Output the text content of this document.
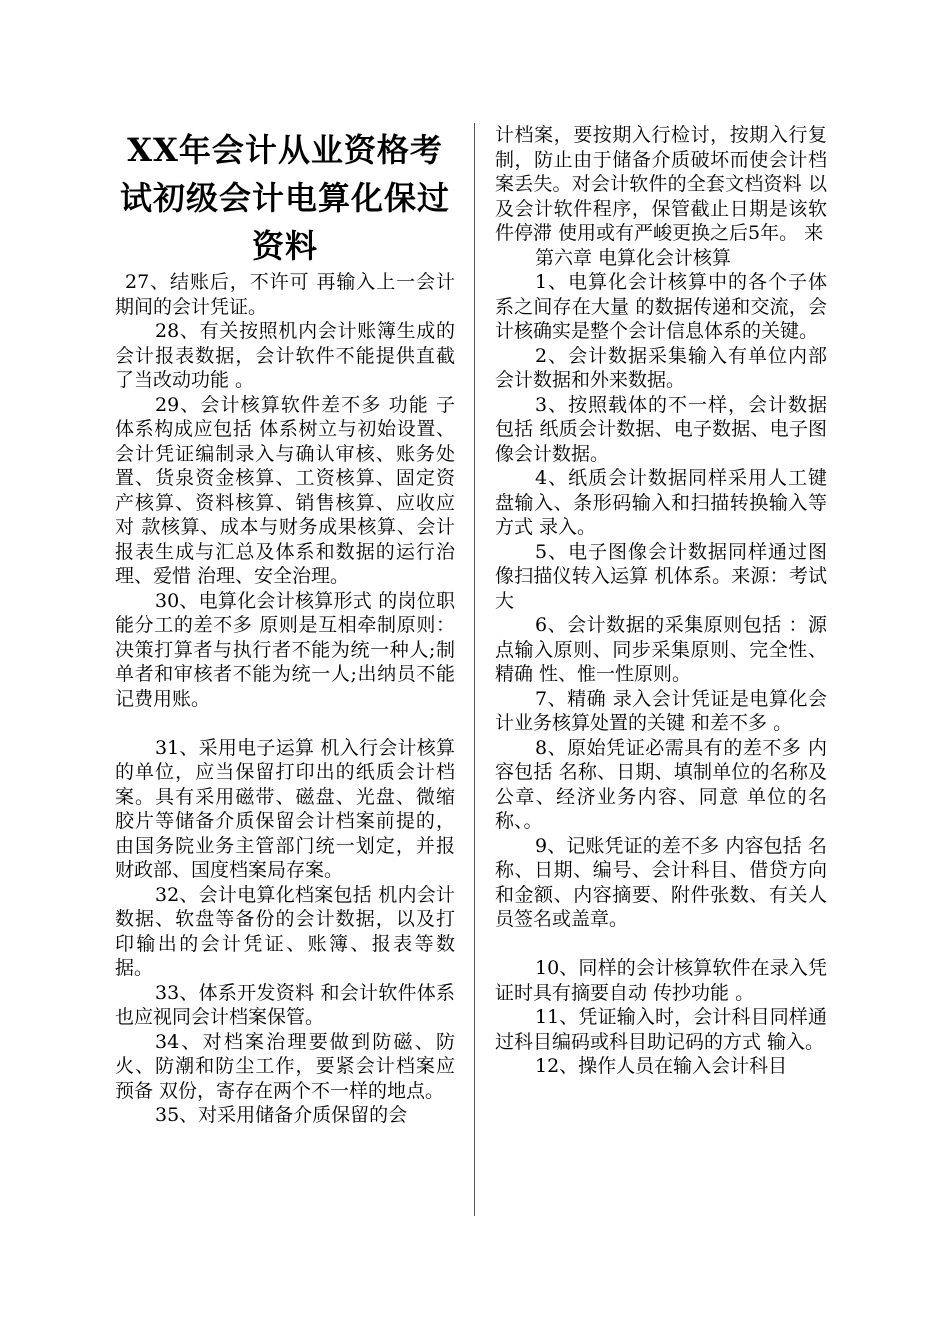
XX年会计从业资格考试初级会计电算化保过资料

27、结账后，不许可 再输入上一会计期间的会计凭证。

28、有关按照机内会计账簿生成的会计报表数据，会计软件不能提供直截了当改动功能 。

29、会计核算软件差不多 功能 子体系构成应包括 体系树立与初始设置、会计凭证编制录入与确认审核、账务处置、货泉资金核算、工资核算、固定资产核算、资料核算、销售核算、应收应对 款核算、成本与财务成果核算、会计报表生成与汇总及体系和数据的运行治理、爱惜 治理、安全治理。

30、电算化会计核算形式 的岗位职能分工的差不多 原则是互相牵制原则：决策打算者与执行者不能为统一种人;制单者和审核者不能为统一人;出纳员不能记费用账。

31、采用电子运算 机入行会计核算的单位，应当保留打印出的纸质会计档案。具有采用磁带、磁盘、光盘、微缩胶片等储备介质保留会计档案前提的，由国务院业务主管部门统一划定，并报财政部、国度档案局存案。

32、会计电算化档案包括 机内会计数据、软盘等备份的会计数据，以及打印输出的会计凭证、账簿、报表等数据。

33、体系开发资料 和会计软件体系也应视同会计档案保管。

34、对档案治理要做到防磁、防火、防潮和防尘工作，要紧会计档案应预备 双份，寄存在两个不一样的地点。

35、对采用储备介质保留的会

计档案，要按期入行检讨，按期入行复制，防止由于储备介质破坏而使会计档案丢失。对会计软件的全套文档资料 以及会计软件程序，保管截止日期是该软件停滞 使用或有严峻更换之后5年。 来

第六章 电算化会计核算

1、电算化会计核算中的各个子体系之间存在大量 的数据传递和交流，会计核确实是整个会计信息体系的关键。

2、会计数据采集输入有单位内部会计数据和外来数据。

3、按照载体的不一样，会计数据包括 纸质会计数据、电子数据、电子图像会计数据。

4、纸质会计数据同样采用人工键盘输入、条形码输入和扫描转换输入等方式 录入。

5、电子图像会计数据同样通过图像扫描仪转入运算 机体系。来源：考试大

6、会计数据的采集原则包括 ：源点输入原则、同步采集原则、完全性、精确 性、惟一性原则。

7、精确 录入会计凭证是电算化会计业务核算处置的关键 和差不多 。

8、原始凭证必需具有的差不多 内容包括 名称、日期、填制单位的名称及公章、经济业务内容、同意 单位的名称、。

9、记账凭证的差不多 内容包括 名称、日期、编号、会计科目、借贷方向和金额、内容摘要、附件张数、有关人员签名或盖章。

10、同样的会计核算软件在录入凭证时具有摘要自动 传抄功能 。

11、凭证输入时，会计科目同样通过科目编码或科目助记码的方式 输入。

12、操作人员在输入会计科目
